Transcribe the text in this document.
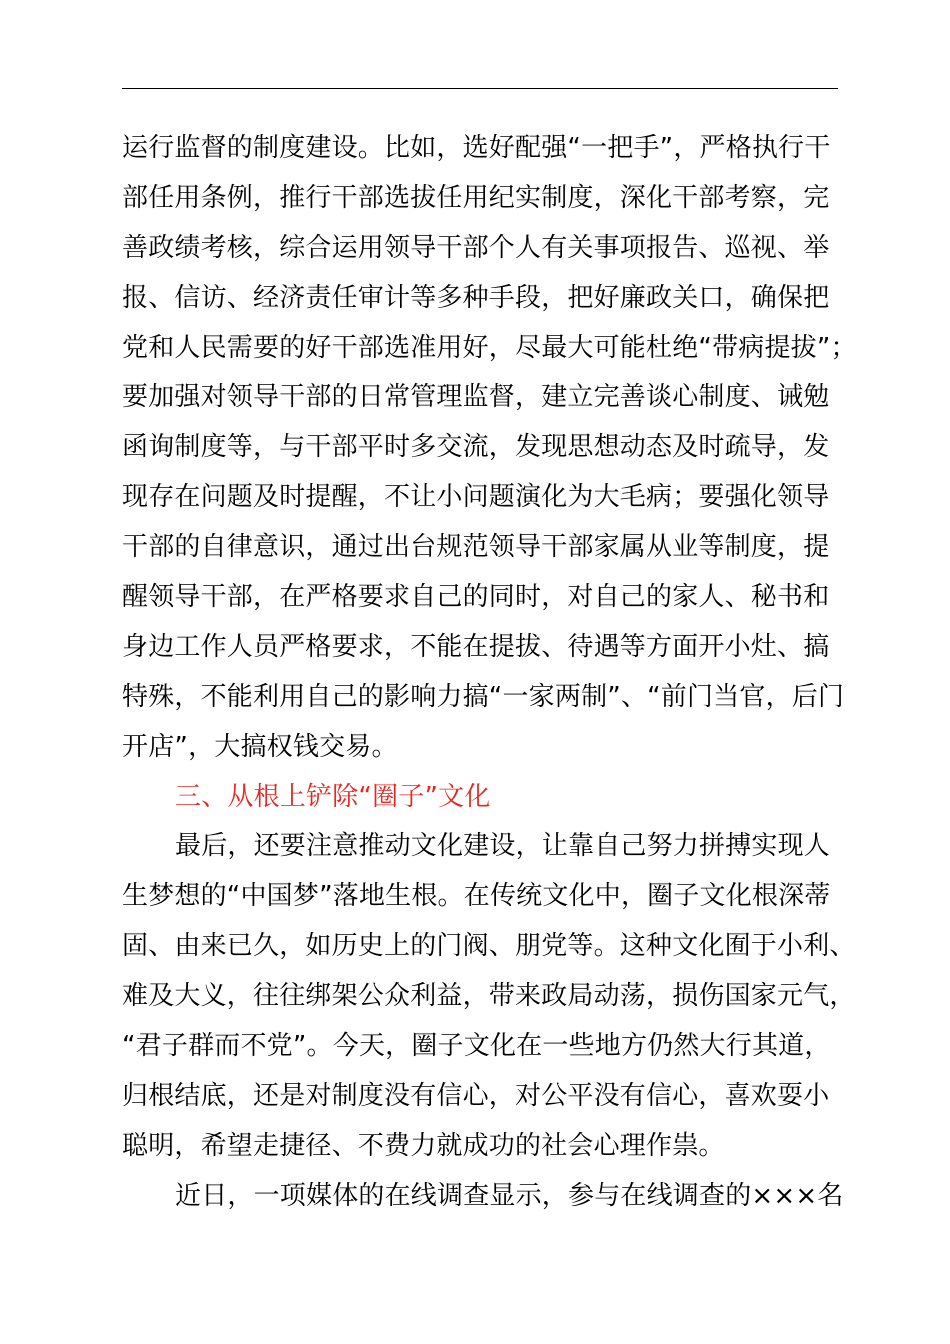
运行监督的制度建设。比如，选好配强“一把手”，严格执行干
部任用条例，推行干部选拔任用纪实制度，深化干部考察，完
善政绩考核，综合运用领导干部个人有关事项报告、巡视、举
报、信访、经济责任审计等多种手段，把好廉政关口，确保把
党和人民需要的好干部选准用好，尽最大可能杜绝“带病提拔”；
要加强对领导干部的日常管理监督，建立完善谈心制度、诫勉
函询制度等，与干部平时多交流，发现思想动态及时疏导，发
现存在问题及时提醒，不让小问题演化为大毛病；要强化领导
干部的自律意识，通过出台规范领导干部家属从业等制度，提
醒领导干部，在严格要求自己的同时，对自己的家人、秘书和
身边工作人员严格要求，不能在提拔、待遇等方面开小灶、搞
特殊，不能利用自己的影响力搞“一家两制”、“前门当官，后门
开店”，大搞权钱交易。
三、从根上铲除“圈子”文化
最后，还要注意推动文化建设，让靠自己努力拼搏实现人
生梦想的“中国梦”落地生根。在传统文化中，圈子文化根深蒂
固、由来已久，如历史上的门阀、朋党等。这种文化囿于小利、
难及大义，往往绑架公众利益，带来政局动荡，损伤国家元气，
“君子群而不党”。今天，圈子文化在一些地方仍然大行其道，
归根结底，还是对制度没有信心，对公平没有信心，喜欢耍小
聪明，希望走捷径、不费力就成功的社会心理作祟。
近日，一项媒体的在线调查显示，参与在线调查的×××名
